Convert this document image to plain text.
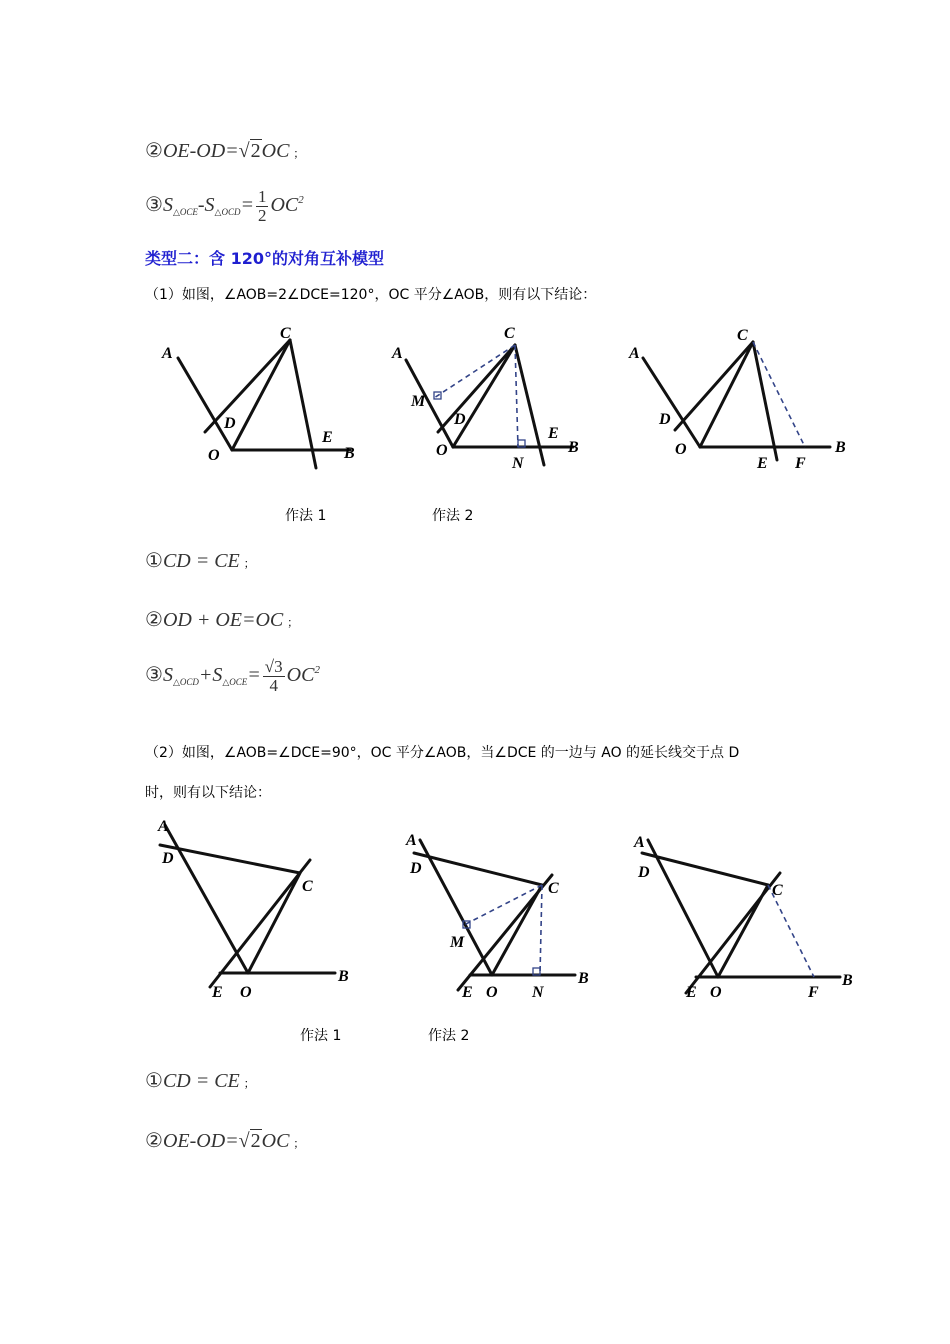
②OE-OD=√2OC ；
$③S_{\triangle OCE}-S_{\triangle OCD}= \frac{1}{2} OC^2$
类型二：含 120°的对角互补模型
（1）如图，∠AOB=2∠DCE=120°，OC 平分∠AOB，则有以下结论：
A
C
D
E
O	B
A
C
M
D
E
O
N
B
A
C
D
O
E F
B
作法 1	作法 2
①CD = CE ；
②OD + OE=OC ；
$③S_{\triangle OCD}+S_{\triangle OCE}= \frac{√3}{4} OC^2$
（2）如图，∠AOB=∠DCE=90°，OC 平分∠AOB，当∠DCE 的一边与 AO 的延长线交于点 D
时，则有以下结论：
A
D
C
E O
B
A
D
C
M
E O N
B
A
D
C
E O	F
B
作法 1	作法 2
①CD = CE ；
②OE-OD=√2OC ；
